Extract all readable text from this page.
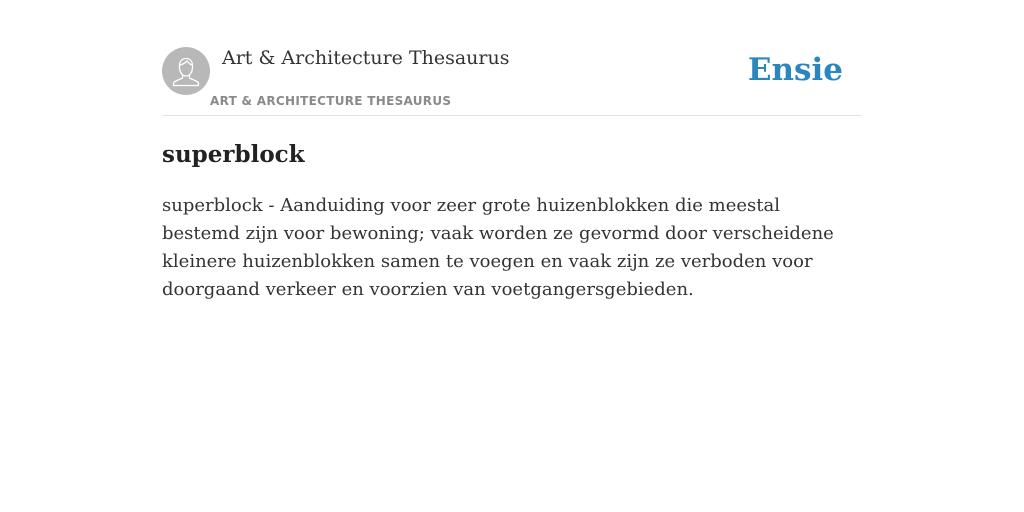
Art & Architecture Thesaurus
ART & ARCHITECTURE THESAURUS
Ensie
superblock

superblock - Aanduiding voor zeer grote huizenblokken die meestal bestemd zijn voor bewoning; vaak worden ze gevormd door verscheidene kleinere huizenblokken samen te voegen en vaak zijn ze verboden voor doorgaand verkeer en voorzien van voetgangersgebieden.
